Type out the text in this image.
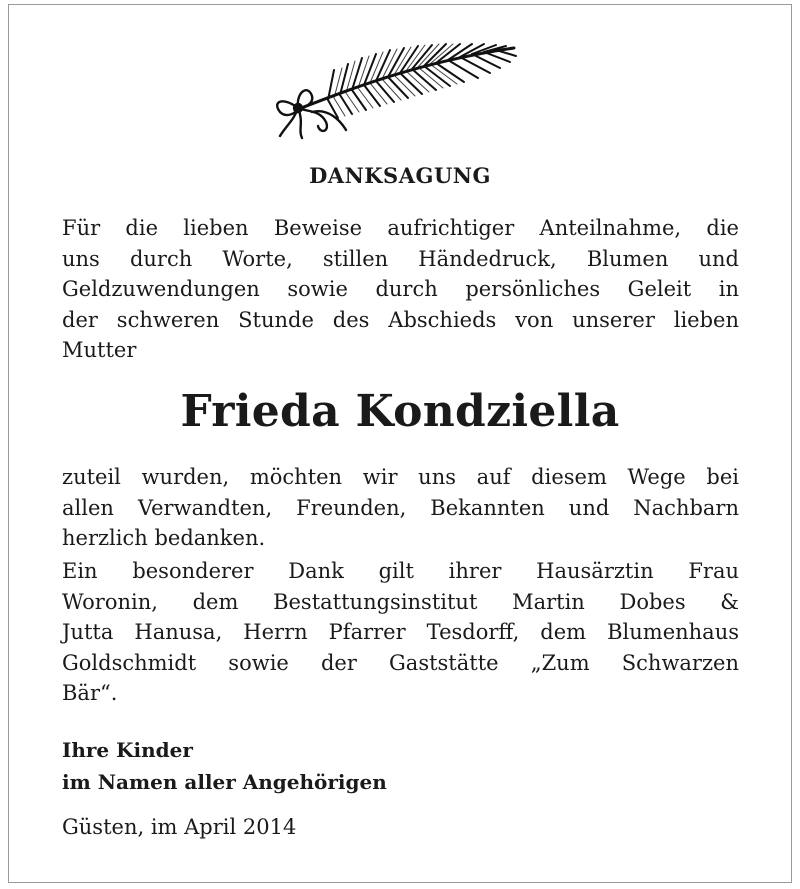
DANKSAGUNG
Für die lieben Beweise aufrichtiger Anteilnahme, die
uns durch Worte, stillen Händedruck, Blumen und
Geldzuwendungen sowie durch persönliches Geleit in
der schweren Stunde des Abschieds von unserer lieben
Mutter
Frieda Kondziella
zuteil wurden, möchten wir uns auf diesem Wege bei
allen Verwandten, Freunden, Bekannten und Nachbarn
herzlich bedanken.
Ein besonderer Dank gilt ihrer Hausärztin Frau
Woronin, dem Bestattungsinstitut Martin Dobes &
Jutta Hanusa, Herrn Pfarrer Tesdorff, dem Blumenhaus
Goldschmidt sowie der Gaststätte „Zum Schwarzen
Bär“.
Ihre Kinder
im Namen aller Angehörigen
Güsten, im April 2014
